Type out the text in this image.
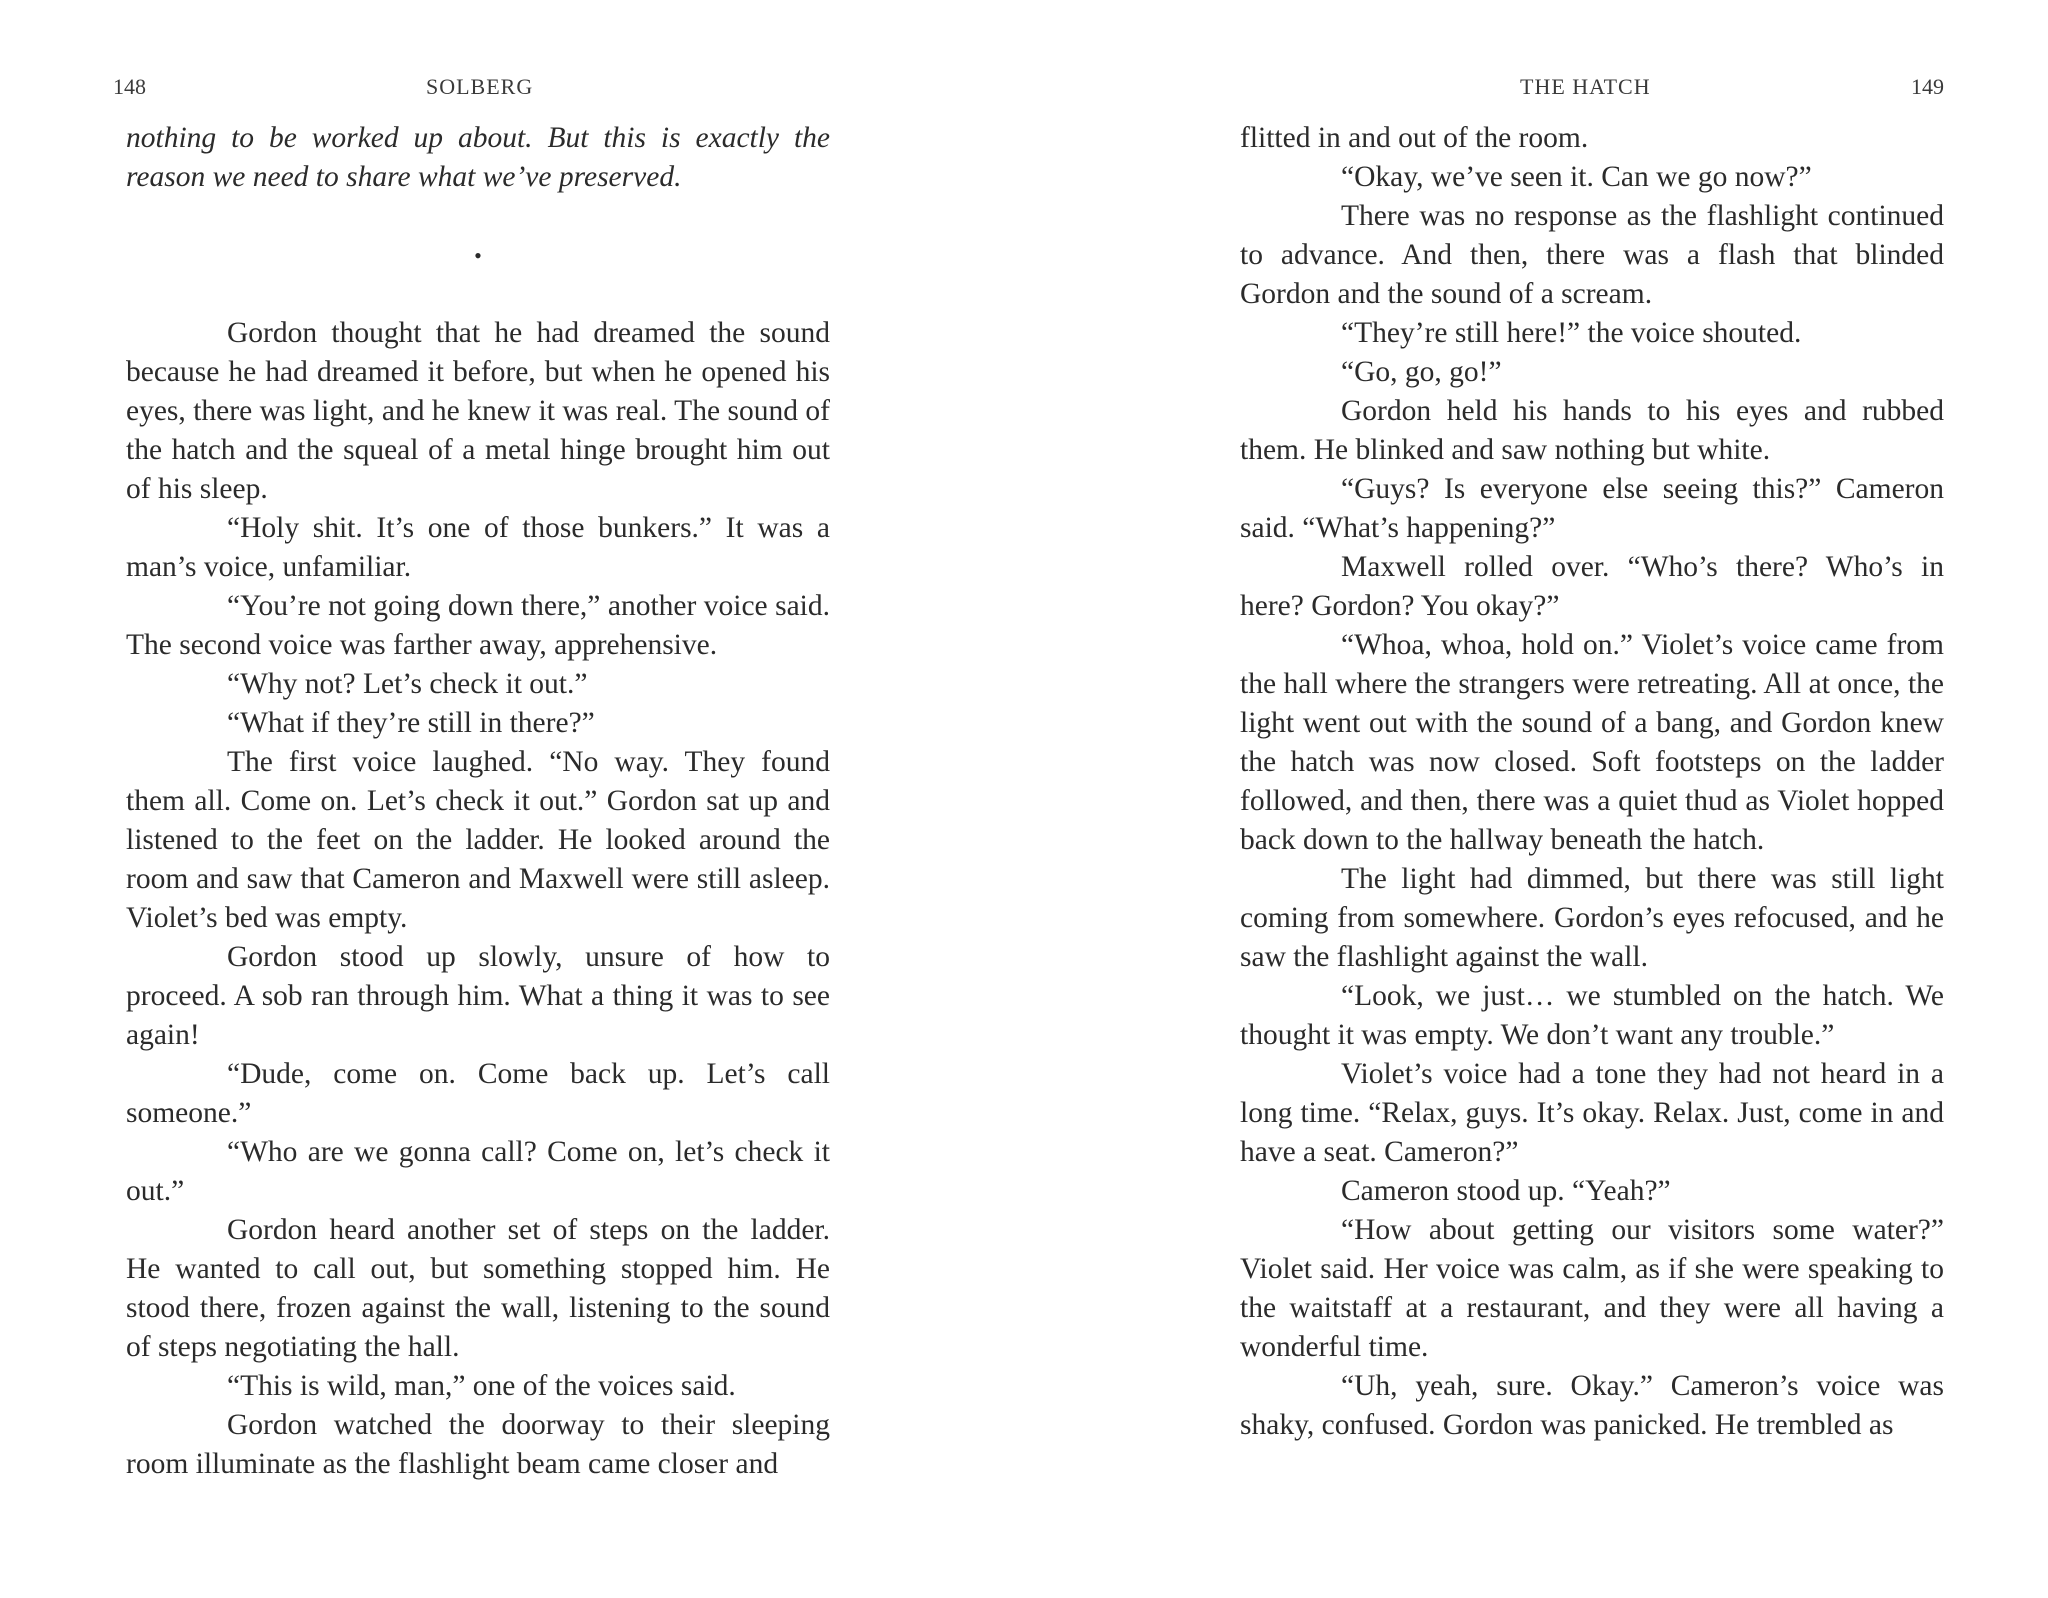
148	SOLBERG

nothing to be worked up about. But this is exactly the reason we need to share what we’ve preserved.

•

Gordon thought that he had dreamed the sound because he had dreamed it before, but when he opened his eyes, there was light, and he knew it was real. The sound of the hatch and the squeal of a metal hinge brought him out of his sleep.

“Holy shit. It’s one of those bunkers.” It was a man’s voice, unfamiliar.

“You’re not going down there,” another voice said. The second voice was farther away, apprehensive.

“Why not? Let’s check it out.”

“What if they’re still in there?”

The first voice laughed. “No way. They found them all. Come on. Let’s check it out.” Gordon sat up and listened to the feet on the ladder. He looked around the room and saw that Cameron and Maxwell were still asleep. Violet’s bed was empty.

Gordon stood up slowly, unsure of how to proceed. A sob ran through him. What a thing it was to see again!

“Dude, come on. Come back up. Let’s call someone.”

“Who are we gonna call? Come on, let’s check it out.”

Gordon heard another set of steps on the ladder. He wanted to call out, but something stopped him. He stood there, frozen against the wall, listening to the sound of steps negotiating the hall.

“This is wild, man,” one of the voices said.

Gordon watched the doorway to their sleeping room illuminate as the flashlight beam came closer and

THE HATCH	149

flitted in and out of the room.

“Okay, we’ve seen it. Can we go now?”

There was no response as the flashlight continued to advance. And then, there was a flash that blinded Gordon and the sound of a scream.

“They’re still here!” the voice shouted.

“Go, go, go!”

Gordon held his hands to his eyes and rubbed them. He blinked and saw nothing but white.

“Guys? Is everyone else seeing this?” Cameron said. “What’s happening?”

Maxwell rolled over. “Who’s there? Who’s in here? Gordon? You okay?”

“Whoa, whoa, hold on.” Violet’s voice came from the hall where the strangers were retreating. All at once, the light went out with the sound of a bang, and Gordon knew the hatch was now closed. Soft footsteps on the ladder followed, and then, there was a quiet thud as Violet hopped back down to the hallway beneath the hatch.

The light had dimmed, but there was still light coming from somewhere. Gordon’s eyes refocused, and he saw the flashlight against the wall.

“Look, we just… we stumbled on the hatch. We thought it was empty. We don’t want any trouble.”

Violet’s voice had a tone they had not heard in a long time. “Relax, guys. It’s okay. Relax. Just, come in and have a seat. Cameron?”

Cameron stood up. “Yeah?”

“How about getting our visitors some water?” Violet said. Her voice was calm, as if she were speaking to the waitstaff at a restaurant, and they were all having a wonderful time.

“Uh, yeah, sure. Okay.” Cameron’s voice was shaky, confused. Gordon was panicked. He trembled as
